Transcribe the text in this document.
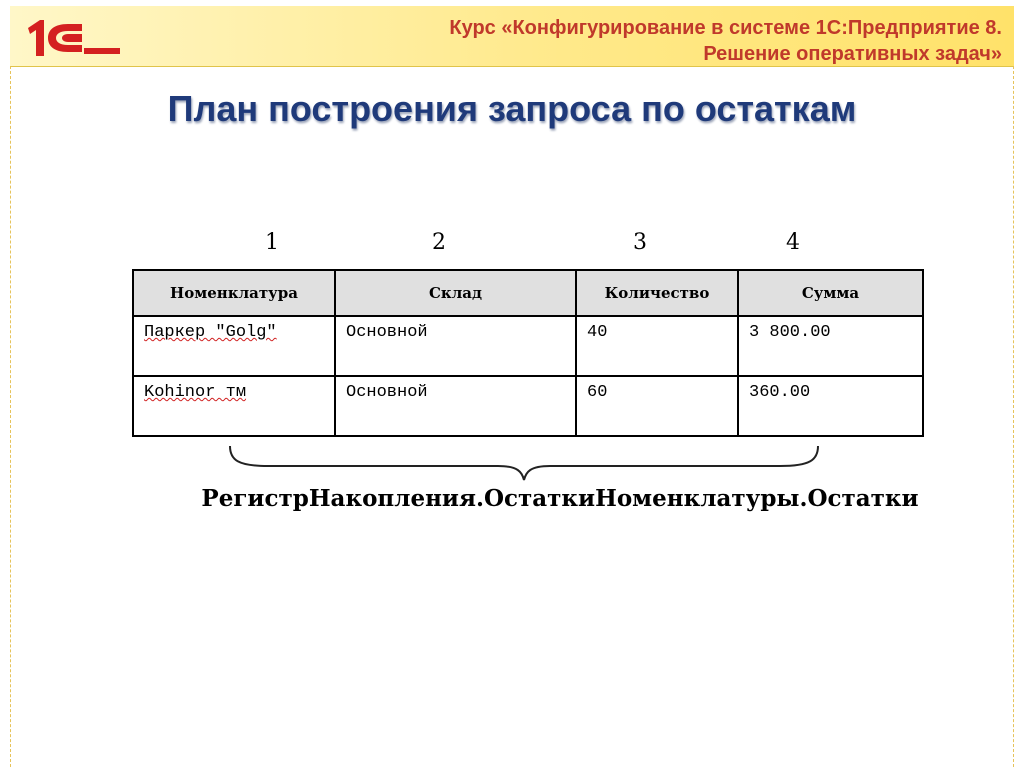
Курс «Конфигурирование в системе 1С:Предприятие 8.
Решение оперативных задач»
План построения запроса по остаткам
1	2	3	4
Номенклатура	Склад	Количество	Сумма
Паркер "Golg"	Основной	40	3 800.00
Kohinor тм	Основной	60	360.00
РегистрНакопления.ОстаткиНоменклатуры.Остатки
